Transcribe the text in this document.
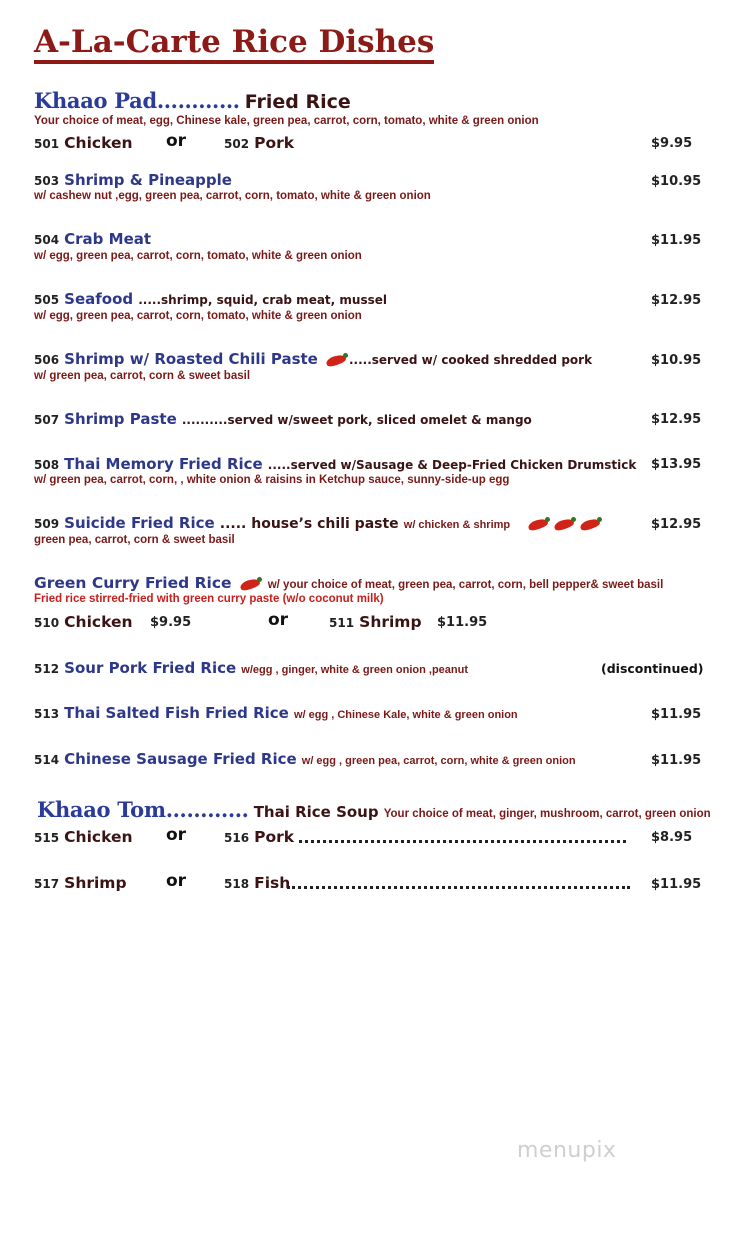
A-La-Carte Rice Dishes
Khaao Pad………… Fried Rice
Your choice of meat, egg, Chinese kale, green pea, carrot, corn, tomato, white & green onion
501 Chicken or	502 Pork	$9.95
503 Shrimp & Pineapple	$10.95
w/ cashew nut ,egg, green pea, carrot, corn, tomato, white & green onion
504 Crab Meat	$11.95
w/ egg, green pea, carrot, corn, tomato, white & green onion
505 Seafood .....shrimp, squid, crab meat, mussel	$12.95
w/ egg, green pea, carrot, corn, tomato, white & green onion
506 Shrimp w/ Roasted Chili Paste	.....served w/ cooked shredded pork	$10.95
w/ green pea, carrot, corn & sweet basil
507 Shrimp Paste ..........served w/sweet pork, sliced omelet & mango	$12.95
508 Thai Memory Fried Rice .....served w/Sausage & Deep-Fried Chicken Drumstick $13.95
w/ green pea, carrot, corn, , white onion & raisins in Ketchup sauce, sunny-side-up egg
509 Suicide Fried Rice ..... house’s chili paste w/ chicken & shrimp	$12.95
green pea, carrot, corn & sweet basil
Green Curry Fried Rice	w/ your choice of meat, green pea, carrot, corn, bell pepper& sweet basil
Fried rice stirred-fried with green curry paste (w/o coconut milk)
510 Chicken $9.95	or	511 Shrimp $11.95
512 Sour Pork Fried Rice w/egg , ginger, white & green onion ,peanut	(discontinued)
513 Thai Salted Fish Fried Rice w/ egg , Chinese Kale, white & green onion	$11.95
514 Chinese Sausage Fried Rice w/ egg , green pea, carrot, corn, white & green onion	$11.95
Khaao Tom………… Thai Rice Soup Your choice of meat, ginger, mushroom, carrot, green onion
515 Chicken or	516 Pork	$8.95
517 Shrimp or	518 Fish	$11.95
menupix
